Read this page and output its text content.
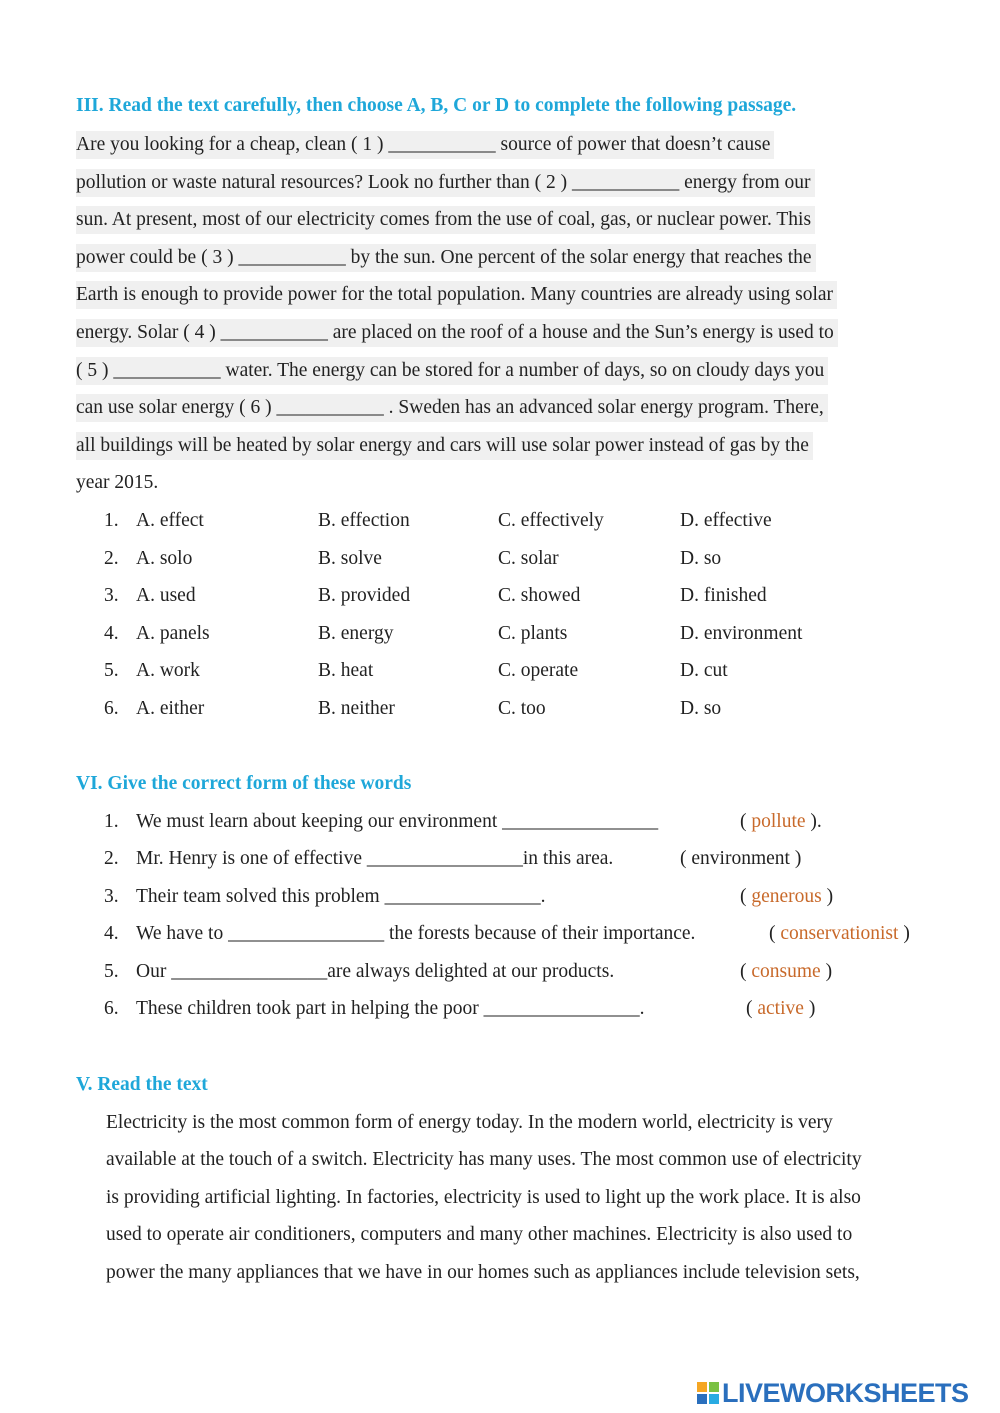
III. Read the text carefully, then choose A, B, C or D to complete the following passage.
Are you looking for a cheap, clean ( 1 ) ___________ source of power that doesn’t cause
pollution or waste natural resources? Look no further than ( 2 ) ___________ energy from our
sun. At present, most of our electricity comes from the use of coal, gas, or nuclear power. This
power could be ( 3 ) ___________ by the sun. One percent of the solar energy that reaches the
Earth is enough to provide power for the total population. Many countries are already using solar
energy. Solar ( 4 ) ___________ are placed on the roof of a house and the Sun’s energy is used to
( 5 ) ___________ water. The energy can be stored for a number of days, so on cloudy days you
can use solar energy ( 6 ) ___________ . Sweden has an advanced solar energy program. There,
all buildings will be heated by solar energy and cars will use solar power instead of gas by the
year 2015.
1. A. effect	B. effection	C. effectively	D. effective
2. A. solo	B. solve	C. solar	D. so
3. A. used	B. provided	C. showed	D. finished
4. A. panels	B. energy	C. plants	D. environment
5. A. work	B. heat	C. operate	D. cut
6. A. either	B. neither	C. too	D. so
VI. Give the correct form of these words
1. We must learn about keeping our environment ________________	( pollute ).
2. Mr. Henry is one of effective ________________in this area.	( environment )
3. Their team solved this problem ________________.	( generous )
4. We have to ________________ the forests because of their importance.	( conservationist )
5. Our ________________are always delighted at our products.	( consume )
6. These children took part in helping the poor ________________.	( active )
V. Read the text
Electricity is the most common form of energy today. In the modern world, electricity is very
available at the touch of a switch. Electricity has many uses. The most common use of electricity
is providing artificial lighting. In factories, electricity is used to light up the work place. It is also
used to operate air conditioners, computers and many other machines. Electricity is also used to
power the many appliances that we have in our homes such as appliances include television sets,
LIVEWORKSHEETS
